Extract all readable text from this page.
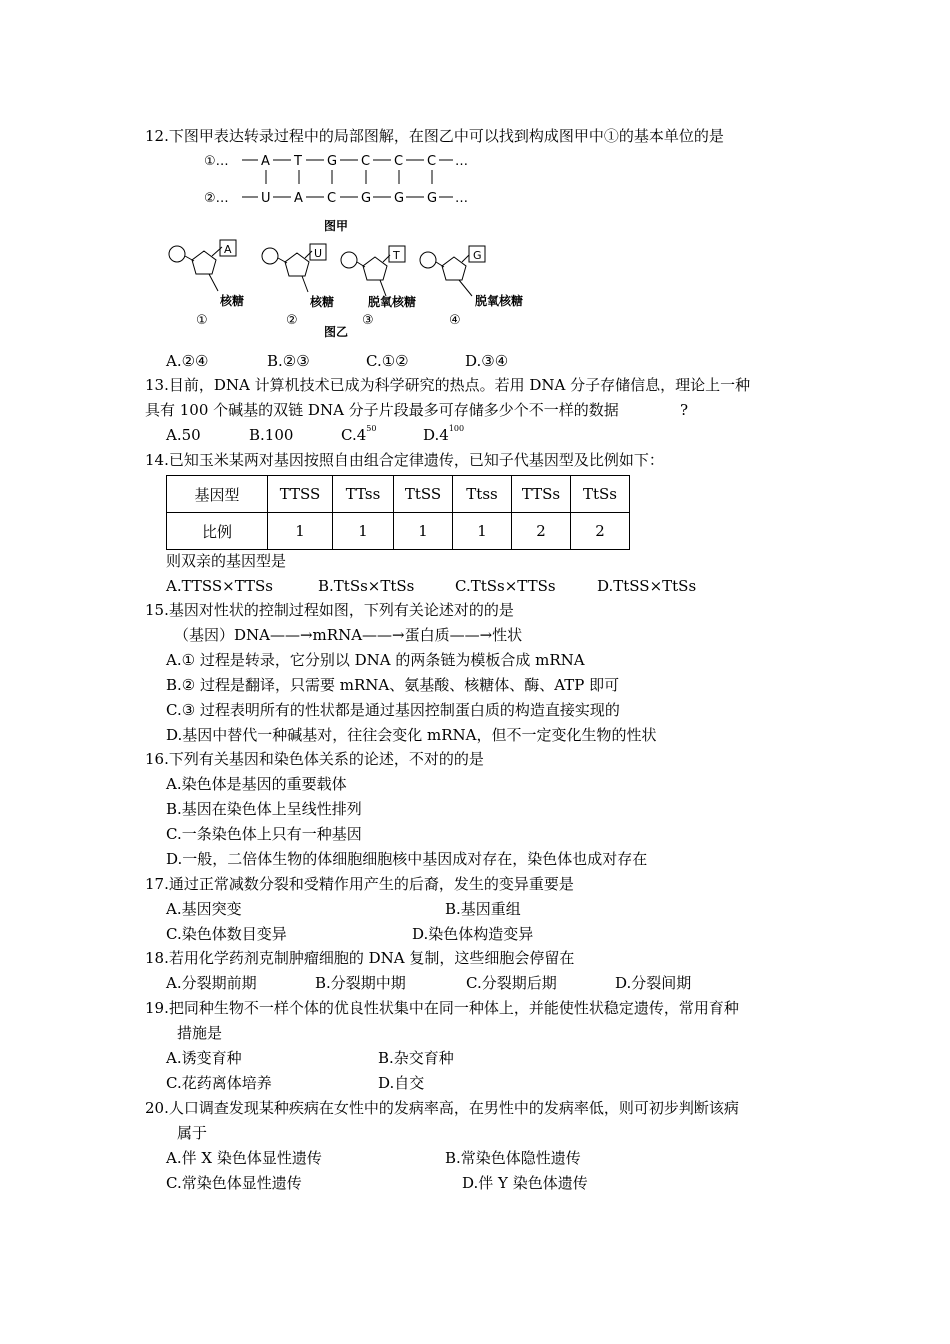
12.下图甲表达转录过程中的局部图解，在图乙中可以找到构成图甲中①的基本单位的是
①… A T G C C C …
②… U A C G G G …
图甲
A
核糖
①
U
核糖
②
T
脱氧核糖
③
G
脱氧核糖
④
图乙
A.②④	B.②③	C.①②	D.③④
13.目前，DNA 计算机技术已成为科学研究的热点。若用 DNA 分子存储信息，理论上一种
具有 100 个碱基的双链 DNA 分子片段最多可存储多少个不一样的数据	?
A.50	B.100	$C.4^{50}$	$D.4^{100}$
14.已知玉米某两对基因按照自由组合定律遗传，已知子代基因型及比例如下：
基因型	TTSS	TTss	TtSS	Ttss	TTSs	TtSs
比例	1	1	1	1	2	2
则双亲的基因型是
A.TTSS×TTSs	B.TtSs×TtSs	C.TtSs×TTSs	D.TtSS×TtSs
15.基因对性状的控制过程如图，下列有关论述对的的是
（基因）DNA——→mRNA——→蛋白质——→性状
A.① 过程是转录，它分别以 DNA 的两条链为模板合成 mRNA
B.② 过程是翻译，只需要 mRNA、氨基酸、核糖体、酶、ATP 即可
C.③ 过程表明所有的性状都是通过基因控制蛋白质的构造直接实现的
D.基因中替代一种碱基对，往往会变化 mRNA，但不一定变化生物的性状
16.下列有关基因和染色体关系的论述，不对的的是
A.染色体是基因的重要载体
B.基因在染色体上呈线性排列
C.一条染色体上只有一种基因
D.一般，二倍体生物的体细胞细胞核中基因成对存在，染色体也成对存在
17.通过正常减数分裂和受精作用产生的后裔，发生的变异重要是
A.基因突变	B.基因重组
C.染色体数目变异	D.染色体构造变异
18.若用化学药剂克制肿瘤细胞的 DNA 复制，这些细胞会停留在
A.分裂期前期	B.分裂期中期	C.分裂期后期	D.分裂间期
19.把同种生物不一样个体的优良性状集中在同一种体上，并能使性状稳定遗传，常用育种
措施是
A.诱变育种	B.杂交育种
C.花药离体培养	D.自交
20.人口调查发现某种疾病在女性中的发病率高，在男性中的发病率低，则可初步判断该病
属于
A.伴 X 染色体显性遗传	B.常染色体隐性遗传
C.常染色体显性遗传	D.伴 Y 染色体遗传
